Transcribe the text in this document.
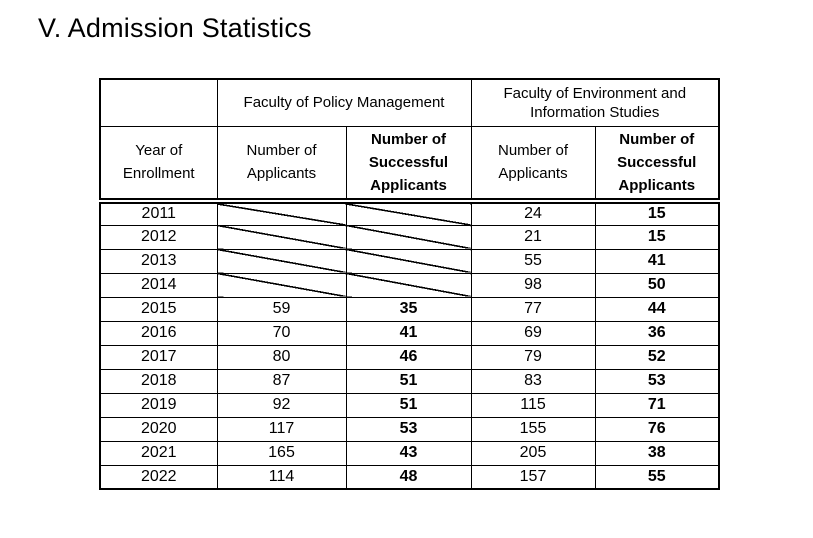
V. Admission Statistics
	Faculty of Policy Management		Faculty of Environment and Information Studies	
Year of Enrollment	Number of Applicants	Number of Successful Applicants	Number of Applicants	Number of Successful Applicants
2011			24	15
2012			21	15
2013			55	41
2014			98	50
2015	59	35	77	44
2016	70	41	69	36
2017	80	46	79	52
2018	87	51	83	53
2019	92	51	115	71
2020	117	53	155	76
2021	165	43	205	38
2022	114	48	157	55
